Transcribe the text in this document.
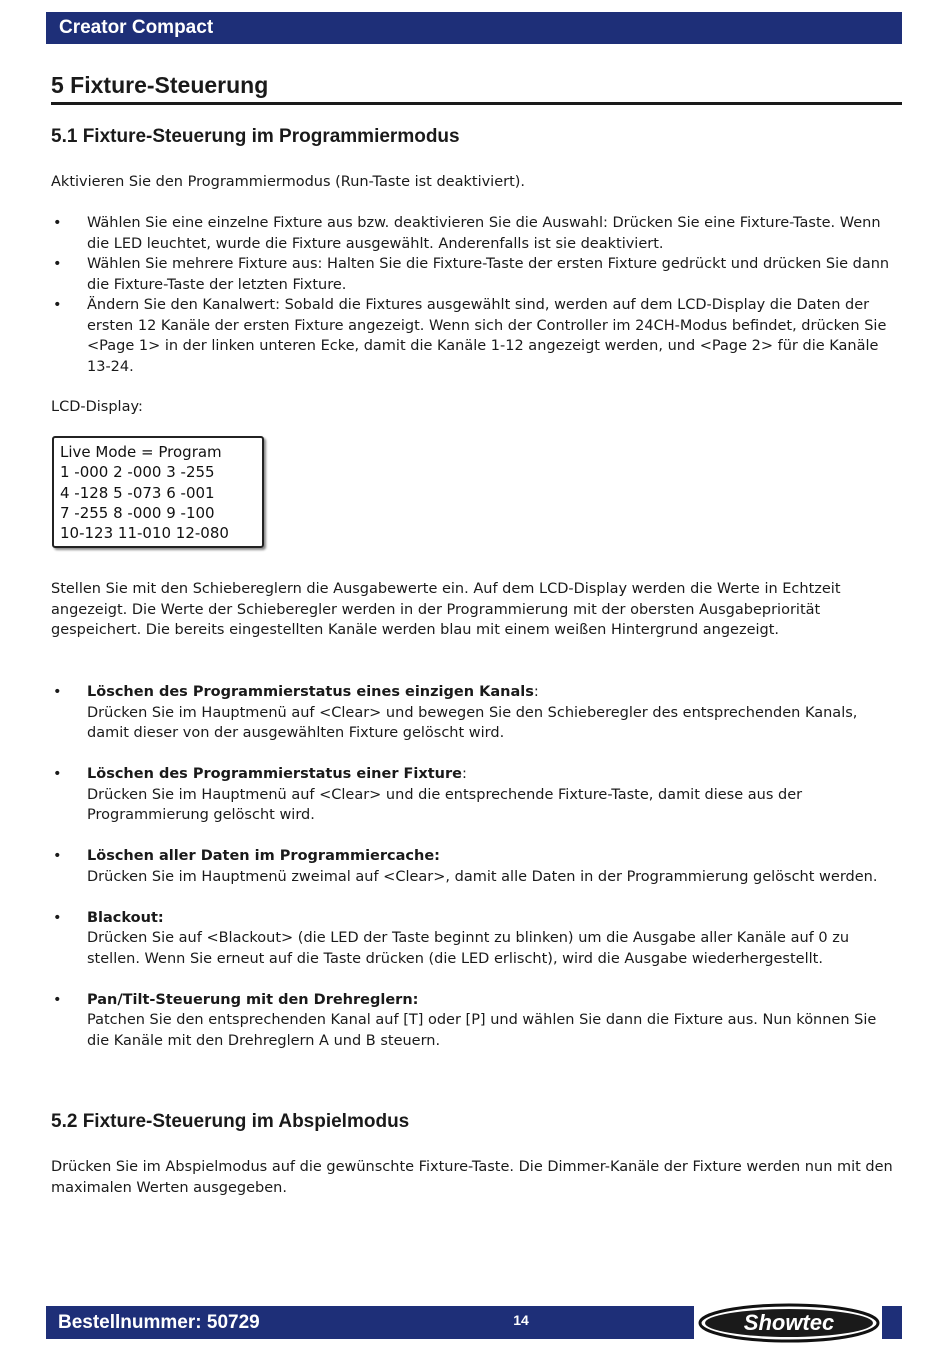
Creator Compact
5 Fixture-Steuerung
5.1 Fixture-Steuerung im Programmiermodus

Aktivieren Sie den Programmiermodus (Run-Taste ist deaktiviert).

• Wählen Sie eine einzelne Fixture aus bzw. deaktivieren Sie die Auswahl: Drücken Sie eine Fixture-Taste. Wenn die LED leuchtet, wurde die Fixture ausgewählt. Anderenfalls ist sie deaktiviert.
• Wählen Sie mehrere Fixture aus: Halten Sie die Fixture-Taste der ersten Fixture gedrückt und drücken Sie dann die Fixture-Taste der letzten Fixture.
• Ändern Sie den Kanalwert: Sobald die Fixtures ausgewählt sind, werden auf dem LCD-Display die Daten der ersten 12 Kanäle der ersten Fixture angezeigt. Wenn sich der Controller im 24CH-Modus befindet, drücken Sie <Page 1> in der linken unteren Ecke, damit die Kanäle 1-12 angezeigt werden, und <Page 2> für die Kanäle 13-24.

LCD-Display:

Live Mode = Program
1 -000 2 -000 3 -255
4 -128 5 -073 6 -001
7 -255 8 -000 9 -100
10-123 11-010 12-080

Stellen Sie mit den Schiebereglern die Ausgabewerte ein. Auf dem LCD-Display werden die Werte in Echtzeit angezeigt. Die Werte der Schieberegler werden in der Programmierung mit der obersten Ausgabepriorität gespeichert. Die bereits eingestellten Kanäle werden blau mit einem weißen Hintergrund angezeigt.

• Löschen des Programmierstatus eines einzigen Kanals:
Drücken Sie im Hauptmenü auf <Clear> und bewegen Sie den Schieberegler des entsprechenden Kanals, damit dieser von der ausgewählten Fixture gelöscht wird.
• Löschen des Programmierstatus einer Fixture:
Drücken Sie im Hauptmenü auf <Clear> und die entsprechende Fixture-Taste, damit diese aus der Programmierung gelöscht wird.
• Löschen aller Daten im Programmiercache:
Drücken Sie im Hauptmenü zweimal auf <Clear>, damit alle Daten in der Programmierung gelöscht werden.
• Blackout:
Drücken Sie auf <Blackout> (die LED der Taste beginnt zu blinken) um die Ausgabe aller Kanäle auf 0 zu stellen. Wenn Sie erneut auf die Taste drücken (die LED erlischt), wird die Ausgabe wiederhergestellt.
• Pan/Tilt-Steuerung mit den Drehreglern:
Patchen Sie den entsprechenden Kanal auf [T] oder [P] und wählen Sie dann die Fixture aus. Nun können Sie die Kanäle mit den Drehreglern A und B steuern.
5.2 Fixture-Steuerung im Abspielmodus

Drücken Sie im Abspielmodus auf die gewünschte Fixture-Taste. Die Dimmer-Kanäle der Fixture werden nun mit den maximalen Werten ausgegeben.

Bestellnummer: 50729	14	Showtec
